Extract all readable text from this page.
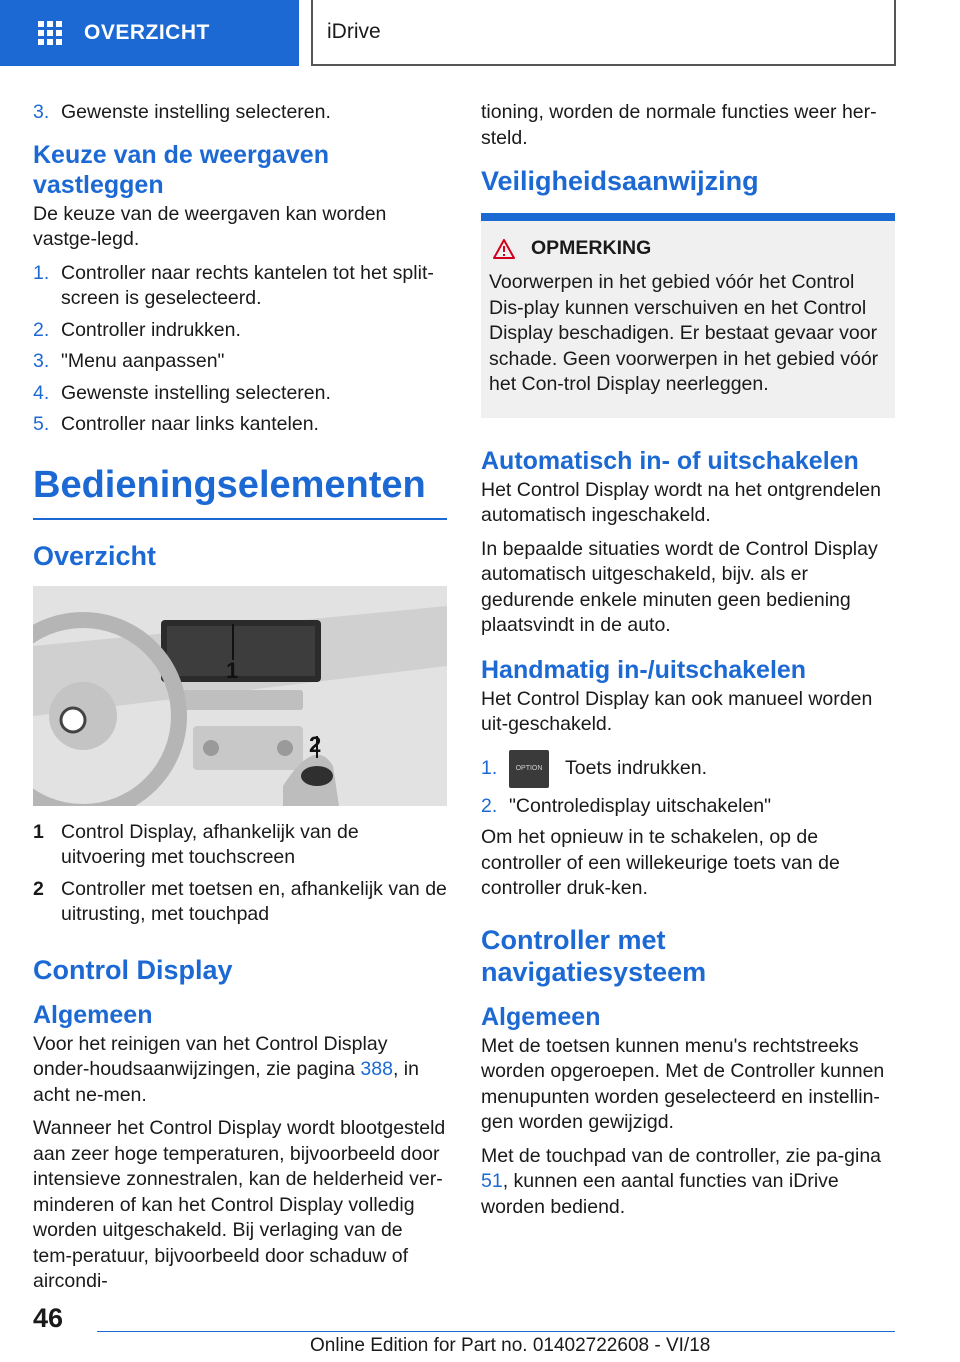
OVERZICHT	iDrive
3. Gewenste instelling selecteren.
Keuze van de weergaven vastleggen

De keuze van de weergaven kan worden vastge‐legd.

1. Controller naar rechts kantelen tot het split‐screen is geselecteerd.
2. Controller indrukken.
3. "Menu aanpassen"
4. Gewenste instelling selecteren.
5. Controller naar links kantelen.
Bedieningselementen
Overzicht
1
2
1 Control Display, afhankelijk van de uitvoering met touchscreen
2 Controller met toetsen en, afhankelijk van de uitrusting, met touchpad
Control Display
Algemeen

Voor het reinigen van het Control Display onder‐houdsaanwijzingen, zie pagina 388, in acht ne‐men.

Wanneer het Control Display wordt blootgesteld aan zeer hoge temperaturen, bijvoorbeeld door intensieve zonnestralen, kan de helderheid ver‐minderen of kan het Control Display volledig worden uitgeschakeld. Bij verlaging van de tem‐peratuur, bijvoorbeeld door schaduw of aircondi‐

tioning, worden de normale functies weer her‐steld.

Veiligheidsaanwijzing
OPMERKING

Voorwerpen in het gebied vóór het Control Dis‐play kunnen verschuiven en het Control Display beschadigen. Er bestaat gevaar voor schade. Geen voorwerpen in het gebied vóór het Con‐trol Display neerleggen.

Automatisch in- of uitschakelen

Het Control Display wordt na het ontgrendelen automatisch ingeschakeld.

In bepaalde situaties wordt de Control Display automatisch uitgeschakeld, bijv. als er gedurende enkele minuten geen bediening plaatsvindt in de auto.

Handmatig in-/uitschakelen

Het Control Display kan ook manueel worden uit‐geschakeld.

1.	OPTION Toets indrukken.
2. "Controledisplay uitschakelen"

Om het opnieuw in te schakelen, op de controller of een willekeurige toets van de controller druk‐ken.

Controller met navigatiesysteem
Algemeen

Met de toetsen kunnen menu's rechtstreeks worden opgeroepen. Met de Controller kunnen menupunten worden geselecteerd en instellin‐gen worden gewijzigd.

Met de touchpad van de controller, zie pa‐gina 51, kunnen een aantal functies van iDrive worden bediend.

46
Online Edition for Part no. 01402722608 - VI/18
